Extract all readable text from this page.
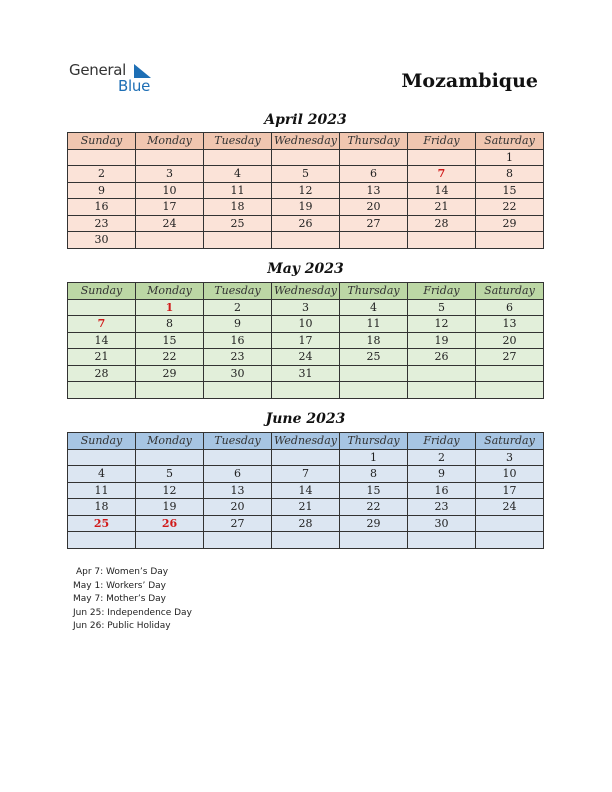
General
Blue	Mozambique
April 2023
Sunday	Monday	Tuesday	Wednesday	Thursday	Friday	Saturday
						1
2	3	4	5	6	7	8
9	10	11	12	13	14	15
16	17	18	19	20	21	22
23	24	25	26	27	28	29
30						
May 2023
Sunday	Monday	Tuesday	Wednesday	Thursday	Friday	Saturday
	1	2	3	4	5	6
7	8	9	10	11	12	13
14	15	16	17	18	19	20
21	22	23	24	25	26	27
28	29	30	31			

June 2023
Sunday	Monday	Tuesday	Wednesday	Thursday	Friday	Saturday
				1	2	3
4	5	6	7	8	9	10
11	12	13	14	15	16	17
18	19	20	21	22	23	24
25	26	27	28	29	30	

Apr 7: Women’s Day
May 1: Workers’ Day
May 7: Mother’s Day
Jun 25: Independence Day
Jun 26: Public Holiday
